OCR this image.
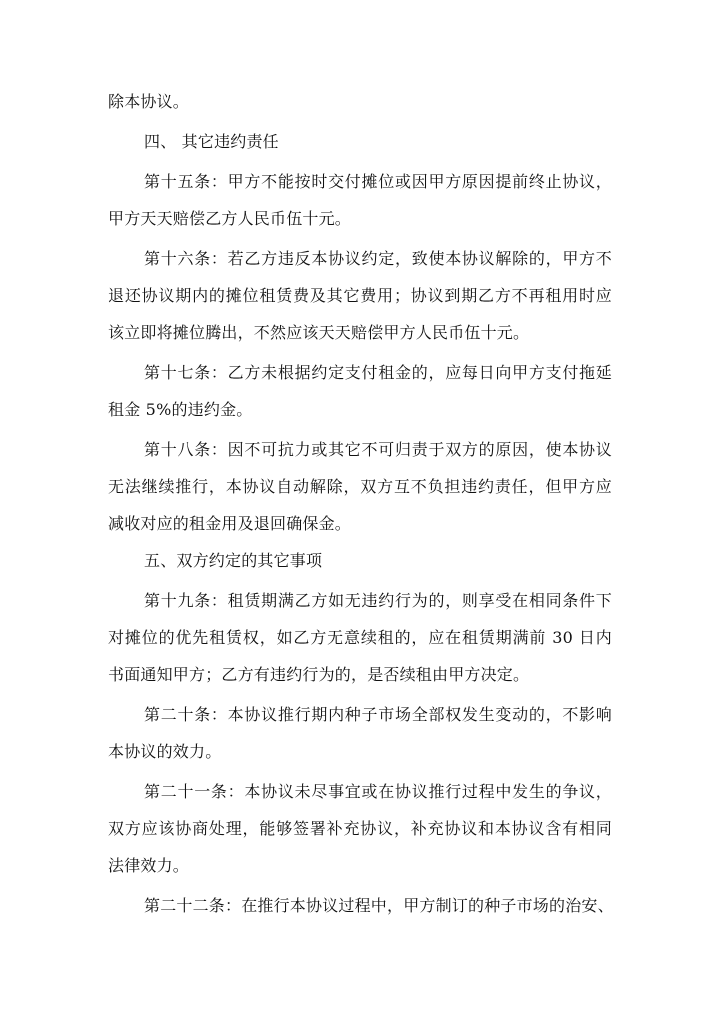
除本协议。
四、 其它违约责任
第十五条：甲方不能按时交付摊位或因甲方原因提前终止协议，
甲方天天赔偿乙方人民币伍十元。
第十六条：若乙方违反本协议约定，致使本协议解除的，甲方不
退还协议期内的摊位租赁费及其它费用；协议到期乙方不再租用时应
该立即将摊位腾出，不然应该天天赔偿甲方人民币伍十元。
第十七条：乙方未根据约定支付租金的，应每日向甲方支付拖延
租金 5%的违约金。
第十八条：因不可抗力或其它不可归责于双方的原因，使本协议
无法继续推行，本协议自动解除，双方互不负担违约责任，但甲方应
减收对应的租金用及退回确保金。
五、双方约定的其它事项
第十九条：租赁期满乙方如无违约行为的，则享受在相同条件下
对摊位的优先租赁权，如乙方无意续租的，应在租赁期满前 30 日内
书面通知甲方；乙方有违约行为的，是否续租由甲方决定。
第二十条：本协议推行期内种子市场全部权发生变动的，不影响
本协议的效力。
第二十一条：本协议未尽事宜或在协议推行过程中发生的争议，
双方应该协商处理，能够签署补充协议，补充协议和本协议含有相同
法律效力。
第二十二条：在推行本协议过程中，甲方制订的种子市场的治安、
